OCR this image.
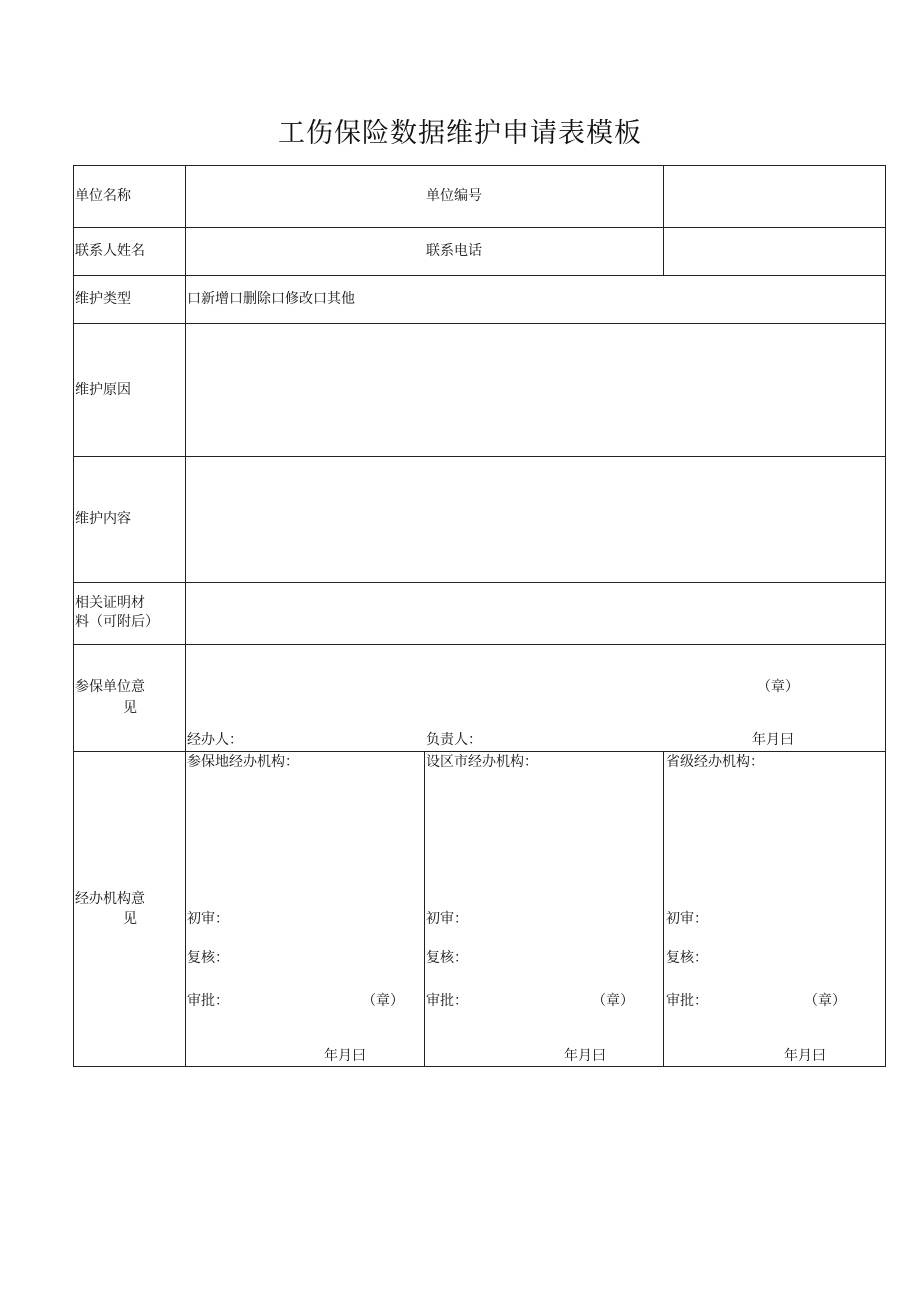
工伤保险数据维护申请表模板
单位名称	单位编号
联系人姓名	联系电话
维护类型	口新增口删除口修改口其他
维护原因
维护内容
相关证明材
料（可附后）
参保单位意
见
（章）
经办人：	负责人：	年月曰
经办机构意
见
参保地经办机构：
初审：
复核：
审批：	（章）
年月曰
设区市经办机构：
初审：
复核：
审批：	（章）
年月曰
省级经办机构：
初审：
复核：
审批：	（章）
年月曰
